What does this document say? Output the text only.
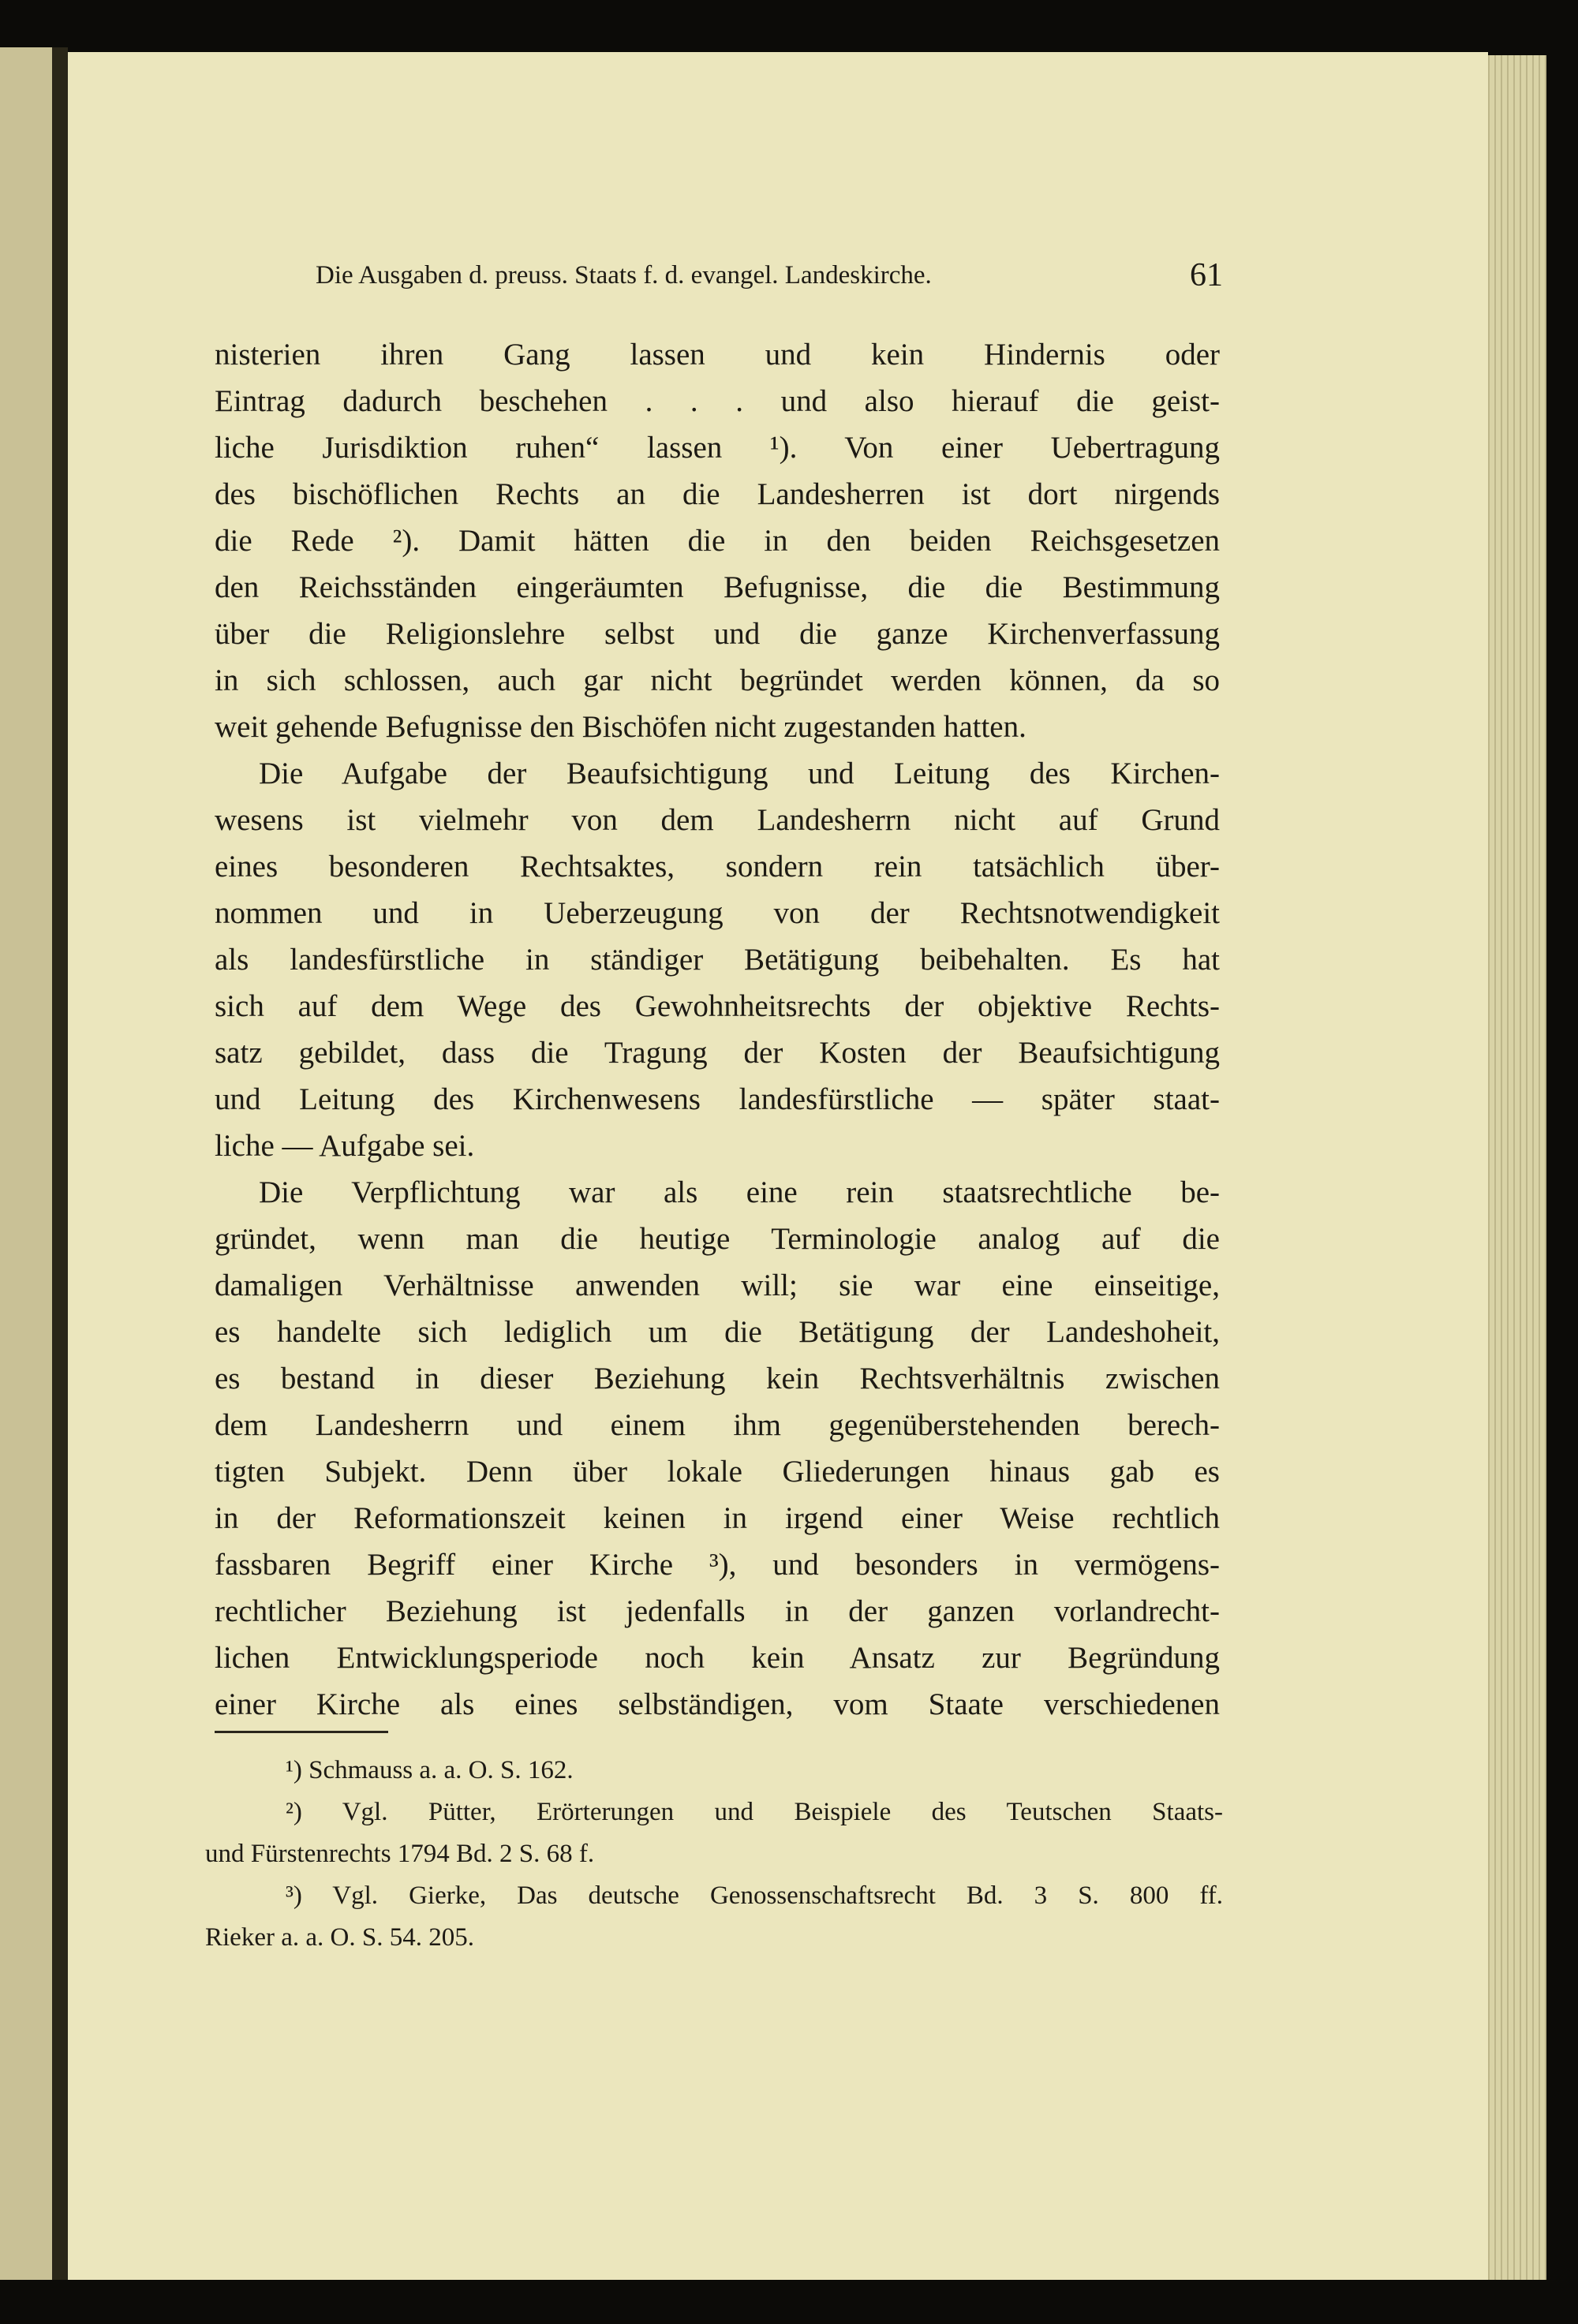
Die Ausgaben d. preuss. Staats f. d. evangel. Landeskirche.	61
nisterien ihren Gang lassen und kein Hindernis oder
Eintrag dadurch beschehen . . . und also hierauf die geist-
liche Jurisdiktion ruhen“ lassen ¹). Von einer Uebertragung
des bischöflichen Rechts an die Landesherren ist dort nirgends
die Rede ²). Damit hätten die in den beiden Reichsgesetzen
den Reichsständen eingeräumten Befugnisse, die die Bestimmung
über die Religionslehre selbst und die ganze Kirchenverfassung
in sich schlossen, auch gar nicht begründet werden können, da so
weit gehende Befugnisse den Bischöfen nicht zugestanden hatten.
Die Aufgabe der Beaufsichtigung und Leitung des Kirchen-
wesens ist vielmehr von dem Landesherrn nicht auf Grund
eines besonderen Rechtsaktes, sondern rein tatsächlich über-
nommen und in Ueberzeugung von der Rechtsnotwendigkeit
als landesfürstliche in ständiger Betätigung beibehalten. Es hat
sich auf dem Wege des Gewohnheitsrechts der objektive Rechts-
satz gebildet, dass die Tragung der Kosten der Beaufsichtigung
und Leitung des Kirchenwesens landesfürstliche — später staat-
liche — Aufgabe sei.
Die Verpflichtung war als eine rein staatsrechtliche be-
gründet, wenn man die heutige Terminologie analog auf die
damaligen Verhältnisse anwenden will; sie war eine einseitige,
es handelte sich lediglich um die Betätigung der Landeshoheit,
es bestand in dieser Beziehung kein Rechtsverhältnis zwischen
dem Landesherrn und einem ihm gegenüberstehenden berech-
tigten Subjekt. Denn über lokale Gliederungen hinaus gab es
in der Reformationszeit keinen in irgend einer Weise rechtlich
fassbaren Begriff einer Kirche ³), und besonders in vermögens-
rechtlicher Beziehung ist jedenfalls in der ganzen vorlandrecht-
lichen Entwicklungsperiode noch kein Ansatz zur Begründung
einer Kirche als eines selbständigen, vom Staate verschiedenen
¹) Schmauss a. a. O. S. 162.
²) Vgl. Pütter, Erörterungen und Beispiele des Teutschen Staats-
und Fürstenrechts 1794 Bd. 2 S. 68 f.
³) Vgl. Gierke, Das deutsche Genossenschaftsrecht Bd. 3 S. 800 ff.
Rieker a. a. O. S. 54. 205.
